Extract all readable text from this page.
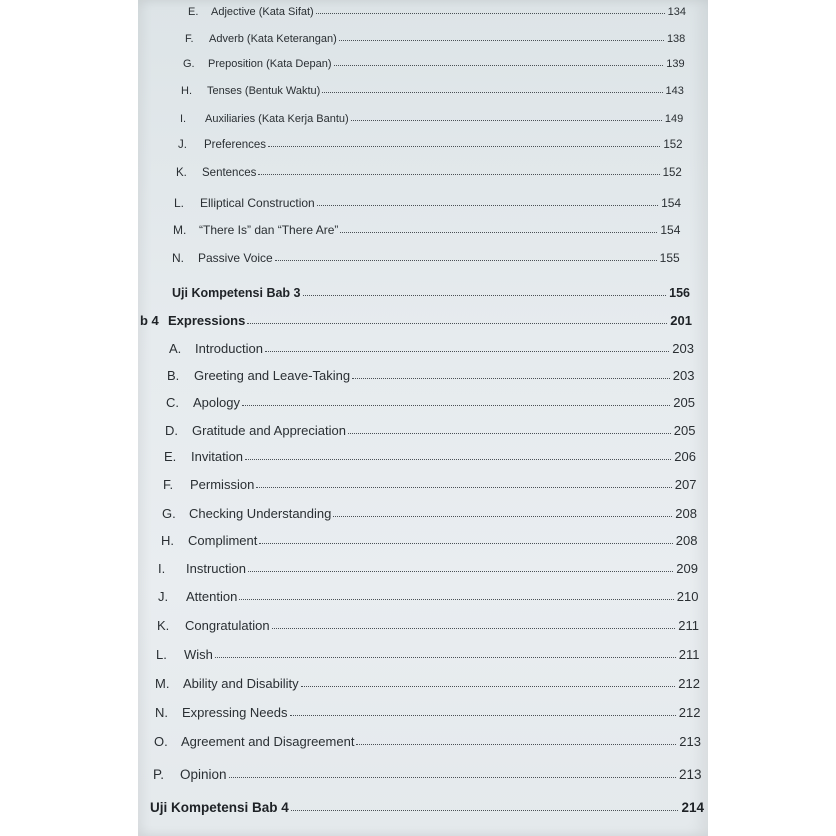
E.	Adjective (Kata Sifat)	134
F.	Adverb (Kata Keterangan)	138
G.	Preposition (Kata Depan)	139
H.	Tenses (Bentuk Waktu)	143
I.	Auxiliaries (Kata Kerja Bantu)	149
J.	Preferences	152
K.	Sentences	152
L.	Elliptical Construction	154
M.	“There Is” dan “There Are”	154
N.	Passive Voice	155
Uji Kompetensi Bab 3	156
b 4 Expressions	201
A.	Introduction	203
B.	Greeting and Leave-Taking	203
C.	Apology	205
D.	Gratitude and Appreciation	205
E.	Invitation	206
F.	Permission	207
G.	Checking Understanding	208
H.	Compliment	208
I.	Instruction	209
J.	Attention	210
K.	Congratulation	211
L.	Wish	211
M.	Ability and Disability	212
N.	Expressing Needs	212
O.	Agreement and Disagreement	213
P.	Opinion	213
Uji Kompetensi Bab 4	214
